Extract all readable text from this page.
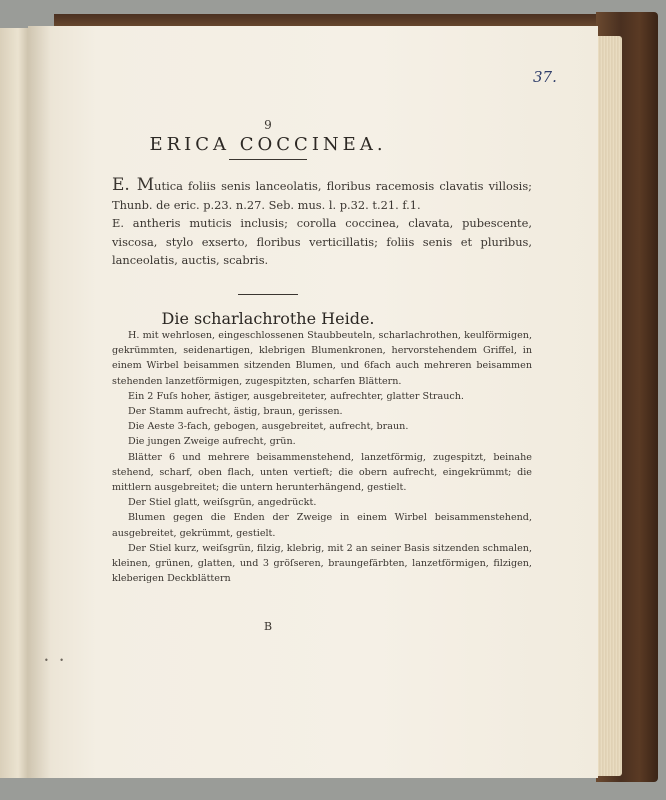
37.
9
ERICA COCCINEA.
E. Mutica foliis senis lanceolatis, floribus racemosis clavatis villosis; Thunb. de eric. p.23. n.27. Seb. mus. l. p.32. t.21. f.1.
E. antheris muticis inclusis; corolla coccinea, clavata, pubescente, viscosa, stylo exserto, floribus verticillatis; foliis senis et pluribus, lanceolatis, auctis, scabris.
Die scharlachrothe Heide.

H. mit wehrlosen, eingeschlossenen Staubbeuteln, scharlachrothen, keulförmigen, gekrümmten, seidenartigen, klebrigen Blumenkronen, hervorstehendem Griffel, in einem Wirbel beisammen sitzenden Blumen, und 6fach auch mehreren beisammen stehenden lanzetförmigen, zugespitzten, scharfen Blättern.

Ein 2 Fuſs hoher, ästiger, ausgebreiteter, aufrechter, glatter Strauch.

Der Stamm aufrecht, ästig, braun, gerissen.

Die Aeste 3-fach, gebogen, ausgebreitet, aufrecht, braun.

Die jungen Zweige aufrecht, grün.

Blätter 6 und mehrere beisammenstehend, lanzetförmig, zugespitzt, beinahe stehend, scharf, oben flach, unten vertieft; die obern aufrecht, eingekrümmt; die mittlern ausgebreitet; die untern herunterhängend, gestielt.

Der Stiel glatt, weiſsgrün, angedrückt.

Blumen gegen die Enden der Zweige in einem Wirbel beisammenstehend, ausgebreitet, gekrümmt, gestielt.

Der Stiel kurz, weiſsgrün, filzig, klebrig, mit 2 an seiner Basis sitzenden schmalen, kleinen, grünen, glatten, und 3 gröſseren, braungefärbten, lanzetförmigen, filzigen, kleberigen Deckblättern

B
• •
